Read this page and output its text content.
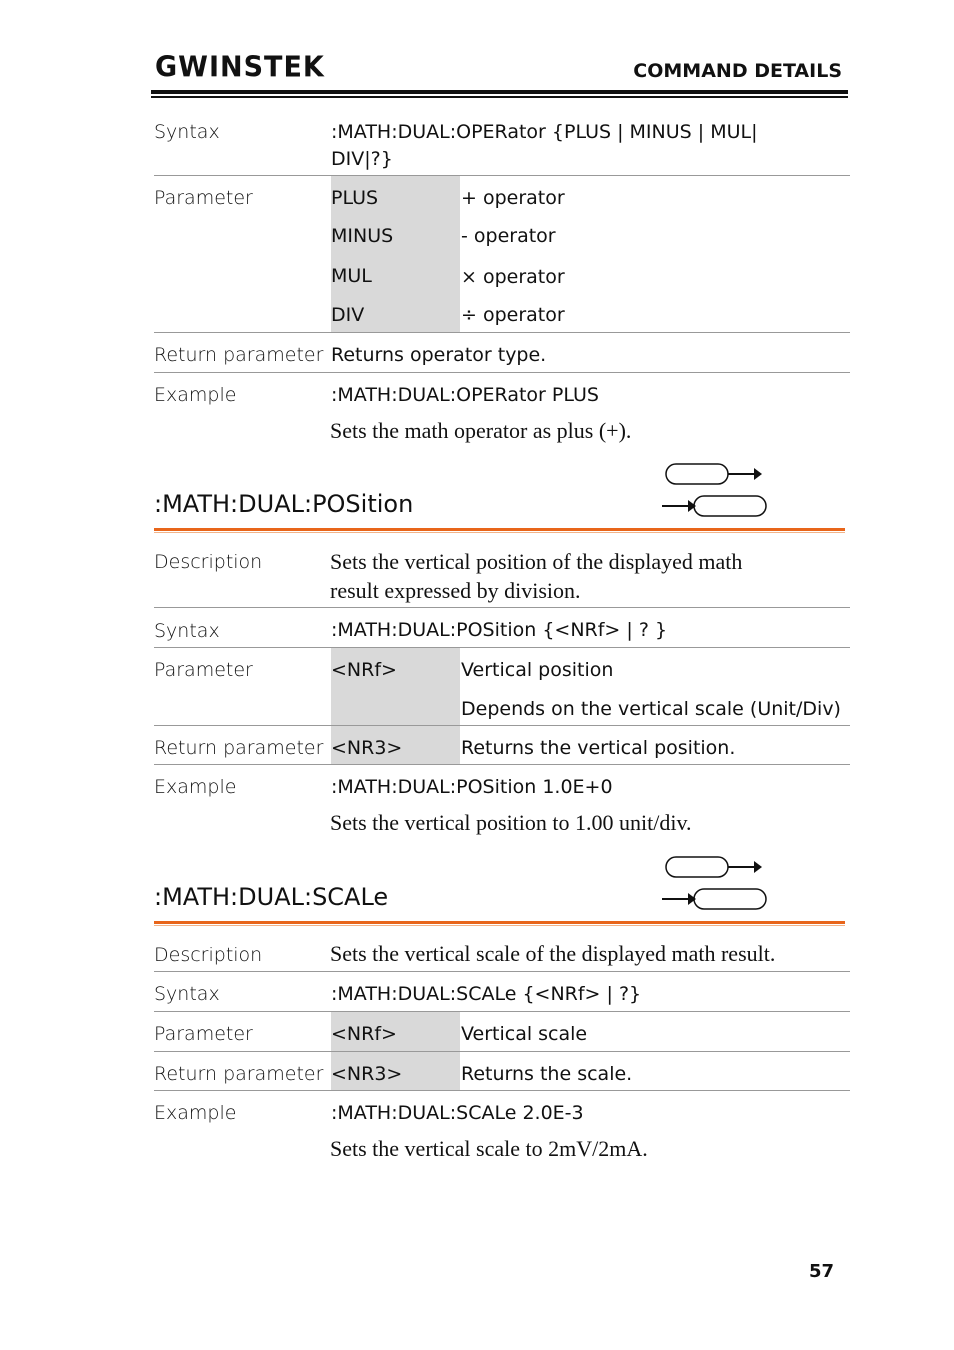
GWINSTEK	COMMAND DETAILS
Syntax	:MATH:DUAL:OPERator {PLUS | MINUS | MUL|
DIV|?}
Parameter	PLUS	+ operator
MINUS	- operator
MUL	× operator
DIV	÷ operator
Return parameter Returns operator type.
Example	:MATH:DUAL:OPERator PLUS
Sets the math operator as plus (+).
:MATH:DUAL:POSition
Description	Sets the vertical position of the displayed math
result expressed by division.
Syntax	:MATH:DUAL:POSition {<NRf> | ? }
Parameter	<NRf>	Vertical position
Depends on the vertical scale (Unit/Div)
Return parameter <NR3>	Returns the vertical position.
Example	:MATH:DUAL:POSition 1.0E+0
Sets the vertical position to 1.00 unit/div.
:MATH:DUAL:SCALe
Description	Sets the vertical scale of the displayed math result.
Syntax	:MATH:DUAL:SCALe {<NRf> | ?}
Parameter	<NRf>	Vertical scale
Return parameter <NR3>	Returns the scale.
Example	:MATH:DUAL:SCALe 2.0E-3
Sets the vertical scale to 2mV/2mA.
57
